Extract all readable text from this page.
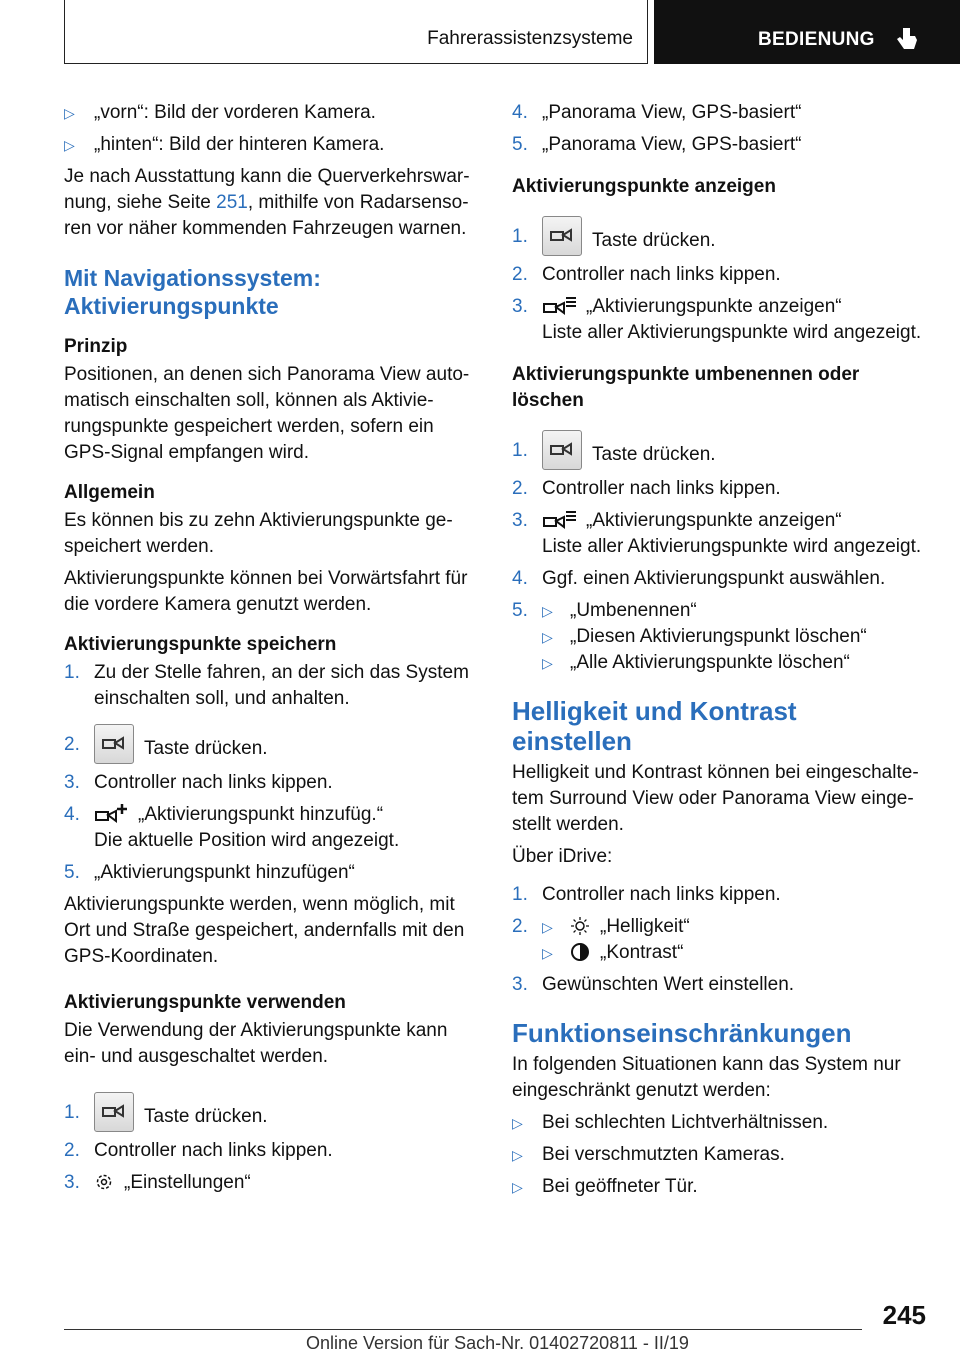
Fahrerassistenzsysteme	BEDIENUNG
▷ „vorn“: Bild der vorderen Kamera.
▷ „hinten“: Bild der hinteren Kamera.

Je nach Ausstattung kann die Querverkehrswar-nung, siehe Seite 251, mithilfe von Radarsenso-ren vor näher kommenden Fahrzeugen warnen.

Mit Navigationssystem:
Aktivierungspunkte
Prinzip

Positionen, an denen sich Panorama View auto-matisch einschalten soll, können als Aktivie-rungspunkte gespeichert werden, sofern ein GPS-Signal empfangen wird.

Allgemein

Es können bis zu zehn Aktivierungspunkte ge-speichert werden.

Aktivierungspunkte können bei Vorwärtsfahrt für die vordere Kamera genutzt werden.

Aktivierungspunkte speichern
1. Zu der Stelle fahren, an der sich das System einschalten soll, und anhalten.
2.	Taste drücken.
3. Controller nach links kippen.
4.	„Aktivierungspunkt hinzufüg.“
Die aktuelle Position wird angezeigt.
5. „Aktivierungspunkt hinzufügen“

Aktivierungspunkte werden, wenn möglich, mit Ort und Straße gespeichert, andernfalls mit den GPS-Koordinaten.

Aktivierungspunkte verwenden

Die Verwendung der Aktivierungspunkte kann ein- und ausgeschaltet werden.

1.	Taste drücken.
2. Controller nach links kippen.
3. „Einstellungen“
4. „Panorama View, GPS-basiert“
5. „Panorama View, GPS-basiert“
Aktivierungspunkte anzeigen
1.	Taste drücken.
2. Controller nach links kippen.
3.	„Aktivierungspunkte anzeigen“
Liste aller Aktivierungspunkte wird angezeigt.
Aktivierungspunkte umbenennen oder löschen
1.	Taste drücken.
2. Controller nach links kippen.
3.	„Aktivierungspunkte anzeigen“
Liste aller Aktivierungspunkte wird angezeigt.
4. Ggf. einen Aktivierungspunkt auswählen.
5. ▷ „Umbenennen“
▷ „Diesen Aktivierungspunkt löschen“
▷ „Alle Aktivierungspunkte löschen“
Helligkeit und Kontrast
einstellen

Helligkeit und Kontrast können bei eingeschalte-tem Surround View oder Panorama View einge-stellt werden.

Über iDrive:

1. Controller nach links kippen.
2. ▷ „Helligkeit“
▷ „Kontrast“
3. Gewünschten Wert einstellen.
Funktionseinschränkungen

In folgenden Situationen kann das System nur eingeschränkt genutzt werden:

▷ Bei schlechten Lichtverhältnissen.
▷ Bei verschmutzten Kameras.
▷ Bei geöffneter Tür.
245
Online Version für Sach-Nr. 01402720811 - II/19
